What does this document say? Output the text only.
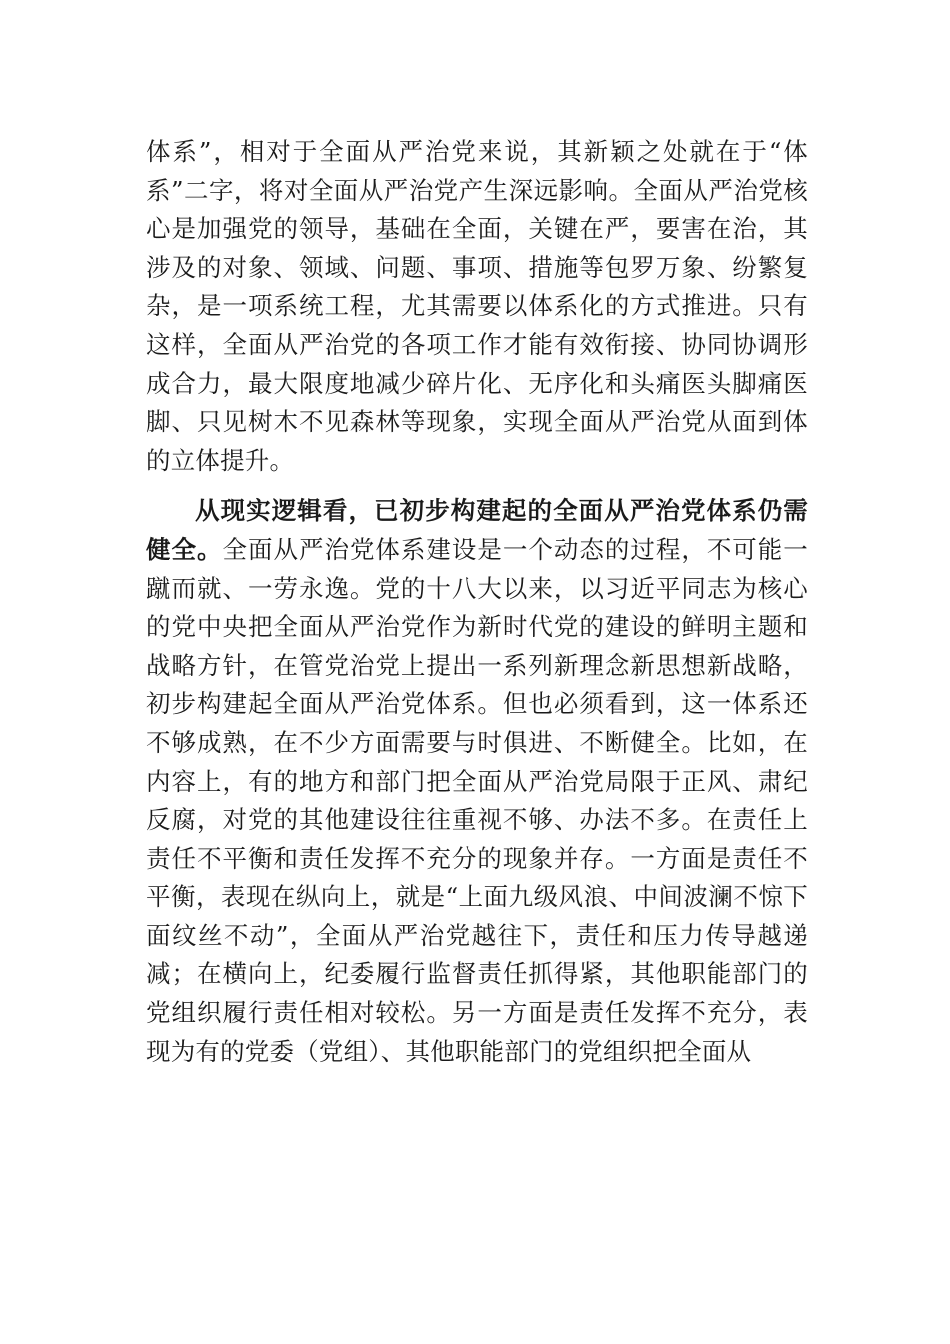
体系”，相对于全面从严治党来说，其新颖之处就在于“体系”二字，将对全面从严治党产生深远影响。全面从严治党核心是加强党的领导，基础在全面，关键在严，要害在治，其涉及的对象、领域、问题、事项、措施等包罗万象、纷繁复杂，是一项系统工程，尤其需要以体系化的方式推进。只有这样，全面从严治党的各项工作才能有效衔接、协同协调形成合力，最大限度地减少碎片化、无序化和头痛医头脚痛医脚、只见树木不见森林等现象，实现全面从严治党从面到体的立体提升。

从现实逻辑看，已初步构建起的全面从严治党体系仍需健全。全面从严治党体系建设是一个动态的过程，不可能一蹴而就、一劳永逸。党的十八大以来，以习近平同志为核心的党中央把全面从严治党作为新时代党的建设的鲜明主题和战略方针，在管党治党上提出一系列新理念新思想新战略，初步构建起全面从严治党体系。但也必须看到，这一体系还不够成熟，在不少方面需要与时俱进、不断健全。比如，在内容上，有的地方和部门把全面从严治党局限于正风、肃纪反腐，对党的其他建设往往重视不够、办法不多。在责任上责任不平衡和责任发挥不充分的现象并存。一方面是责任不平衡，表现在纵向上，就是“上面九级风浪、中间波澜不惊下面纹丝不动”，全面从严治党越往下，责任和压力传导越递减；在横向上，纪委履行监督责任抓得紧，其他职能部门的党组织履行责任相对较松。另一方面是责任发挥不充分，表现为有的党委（党组）、其他职能部门的党组织把全面从
